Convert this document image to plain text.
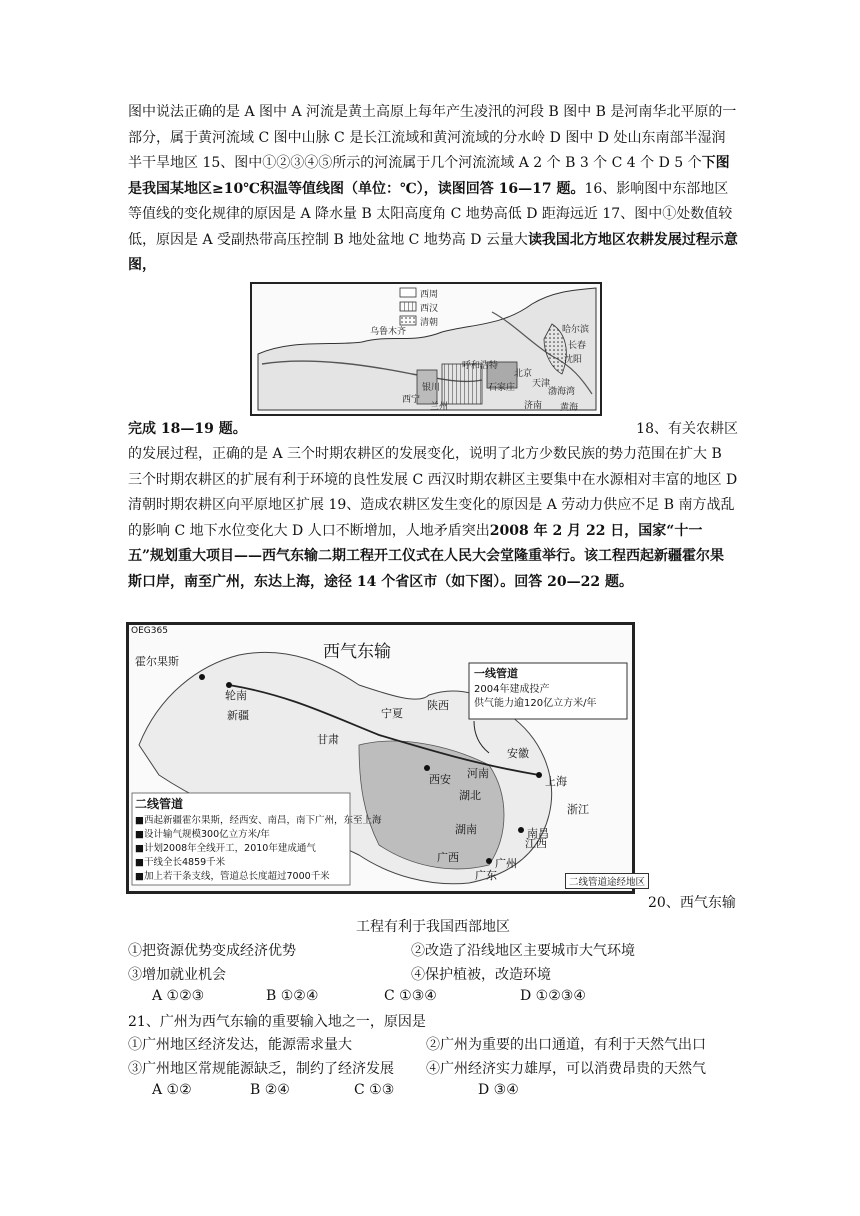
图中说法正确的是 A 图中 A 河流是黄土高原上每年产生凌汛的河段 B 图中 B 是河南华北平原的一部分，属于黄河流域 C 图中山脉 C 是长江流域和黄河流域的分水岭 D 图中 D 处山东南部半湿润半干旱地区 15、图中①②③④⑤所示的河流属于几个河流流域 A 2 个 B 3 个 C 4 个 D 5 个下图是我国某地区≥10℃积温等值线图（单位：℃），读图回答 16—17 题。16、影响图中东部地区等值线的变化规律的原因是 A 降水量 B 太阳高度角 C 地势高低 D 距海远近 17、图中①处数值较低，原因是 A 受副热带高压控制 B 地处盆地 C 地势高 D 云量大读我国北方地区农耕发展过程示意图，

西周
西汉
清朝
乌鲁木齐	哈尔滨
长春
沈阳
呼和浩特
北京
天津
石家庄	渤海湾
银川
西宁
兰州	济南 黄海
完成 18—19 题。	18、有关农耕区

的发展过程，正确的是 A 三个时期农耕区的发展变化，说明了北方少数民族的势力范围在扩大 B 三个时期农耕区的扩展有利于环境的良性发展 C 西汉时期农耕区主要集中在水源相对丰富的地区 D 清朝时期农耕区向平原地区扩展 19、造成农耕区发生变化的原因是 A 劳动力供应不足 B 南方战乱的影响 C 地下水位变化大 D 人口不断增加，人地矛盾突出2008 年 2 月 22 日，国家“十一五”规划重大项目——西气东输二期工程开工仪式在人民大会堂隆重举行。该工程西起新疆霍尔果斯口岸，南至广州，东达上海，途径 14 个省区市（如下图）。回答 20—22 题。

OEG365
西气东输
一线管道
2004年建成投产
供气能力逾120亿立方米/年
霍尔果斯
轮南
新疆
甘肃
宁夏
陕西
安徽
西安 河南
湖北
上海
南昌
浙江
湖南
江西
广西	广州
广东
二线管道
■西起新疆霍尔果斯，经西安、南昌，南下广州，东至上海
■设计输气规模300亿立方米/年
■计划2008年全线开工，2010年建成通气
■干线全长4859千米
■加上若干条支线，管道总长度超过7000千米
二线管道途经地区
20、西气东输
工程有利于我国西部地区
①把资源优势变成经济优势	②改造了沿线地区主要城市大气环境
③增加就业机会	④保护植被，改造环境
A ①②③	B ①②④	C ①③④	D ①②③④
21、广州为西气东输的重要输入地之一，原因是
①广州地区经济发达，能源需求量大	②广州为重要的出口通道，有利于天然气出口
③广州地区常规能源缺乏，制约了经济发展	④广州经济实力雄厚，可以消费昂贵的天然气
A ①②	B ②④	C ①③	D ③④
